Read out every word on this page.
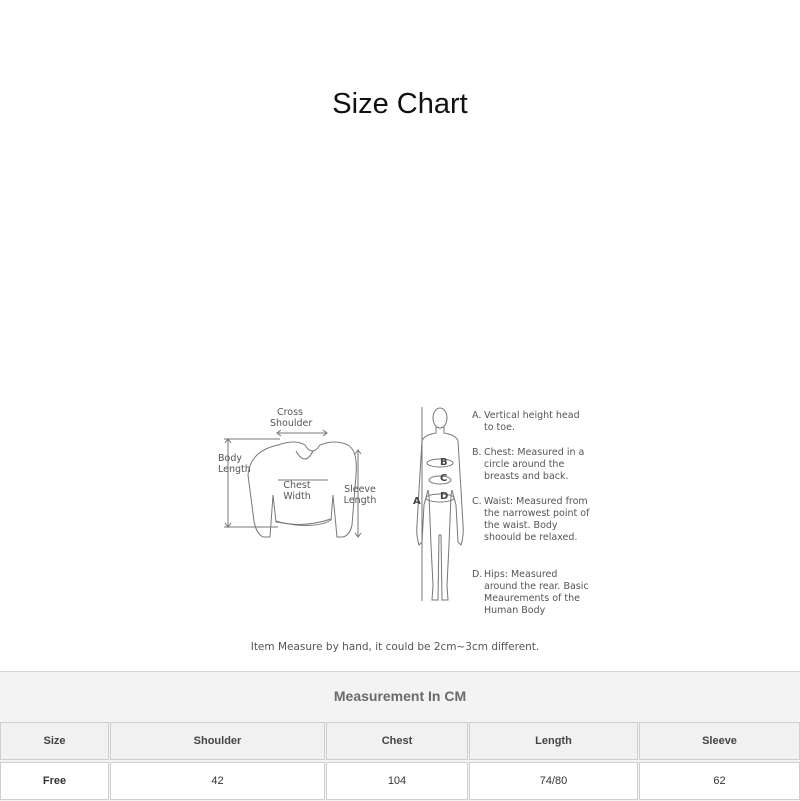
Size Chart
Cross
Shoulder
Body
Length
Chest
Width
Sleeve
Length	A
B
C
D
A. Vertical height head to toe.
B. Chest: Measured in a circle around the breasts and back.
C. Waist: Measured from the narrowest point of the waist. Body shoould be relaxed.
D. Hips: Measured around the rear. Basic Meaurements of the Human Body
Item Measure by hand, it could be 2cm~3cm different.
Measurement In CM
Size	Shoulder	Chest	Length	Sleeve
Free	42	104	74/80	62
